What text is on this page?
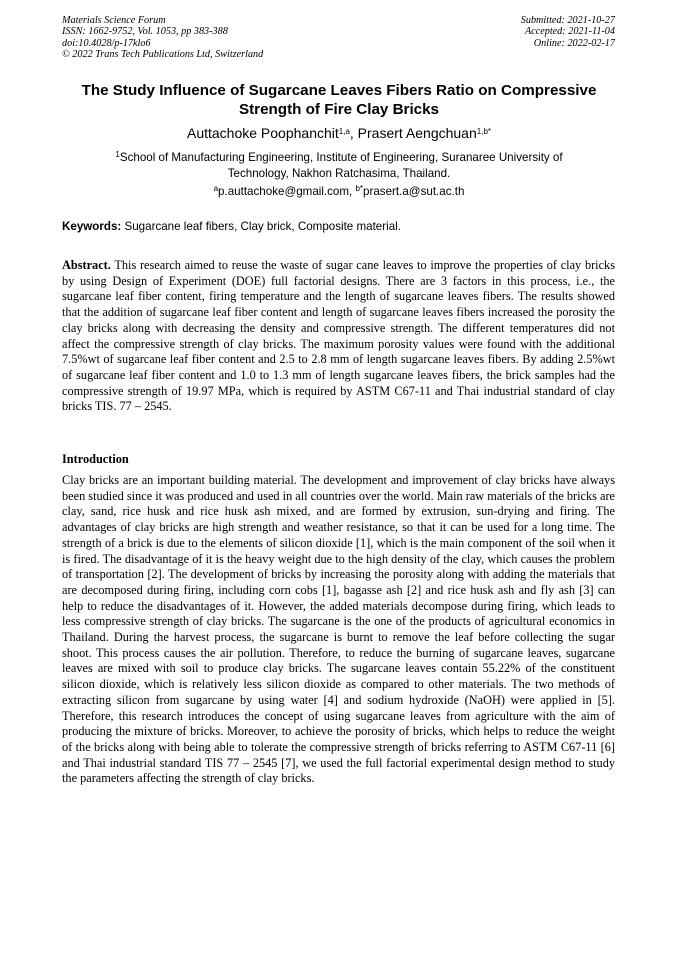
Materials Science Forum
ISSN: 1662-9752, Vol. 1053, pp 383-388
doi:10.4028/p-17klo6
© 2022 Trans Tech Publications Ltd, Switzerland
Submitted: 2021-10-27
Accepted: 2021-11-04
Online: 2022-02-17
The Study Influence of Sugarcane Leaves Fibers Ratio on Compressive
Strength of Fire Clay Bricks
Auttachoke Poophanchit$^{1,a}$, Prasert Aengchuan$^{1,b*}$
$^1$School of Manufacturing Engineering, Institute of Engineering, Suranaree University of
Technology, Nakhon Ratchasima, Thailand.
$^a$p.auttachoke@gmail.com, $^{b*}$prasert.a@sut.ac.th
Keywords: Sugarcane leaf fibers, Clay brick, Composite material.
Abstract. This research aimed to reuse the waste of sugar cane leaves to improve the properties of clay bricks by using Design of Experiment (DOE) full factorial designs. There are 3 factors in this process, i.e., the sugarcane leaf fiber content, firing temperature and the length of sugarcane leaves fibers. The results showed that the addition of sugarcane leaf fiber content and length of sugarcane leaves fibers increased the porosity the clay bricks along with decreasing the density and compressive strength. The different temperatures did not affect the compressive strength of clay bricks. The maximum porosity values were found with the additional 7.5%wt of sugarcane leaf fiber content and 2.5 to 2.8 mm of length sugarcane leaves fibers. By adding 2.5%wt of sugarcane leaf fiber content and 1.0 to 1.3 mm of length sugarcane leaves fibers, the brick samples had the compressive strength of 19.97 MPa, which is required by ASTM C67-11 and Thai industrial standard of clay bricks TIS. 77 – 2545.
Introduction
Clay bricks are an important building material. The development and improvement of clay bricks have always been studied since it was produced and used in all countries over the world. Main raw materials of the bricks are clay, sand, rice husk and rice husk ash mixed, and are formed by extrusion, sun-drying and firing. The advantages of clay bricks are high strength and weather resistance, so that it can be used for a long time. The strength of a brick is due to the elements of silicon dioxide [1], which is the main component of the soil when it is fired. The disadvantage of it is the heavy weight due to the high density of the clay, which causes the problem of transportation [2]. The development of bricks by increasing the porosity along with adding the materials that are decomposed during firing, including corn cobs [1], bagasse ash [2] and rice husk ash and fly ash [3] can help to reduce the disadvantages of it. However, the added materials decompose during firing, which leads to less compressive strength of clay bricks. The sugarcane is the one of the products of agricultural economics in Thailand. During the harvest process, the sugarcane is burnt to remove the leaf before collecting the sugar shoot. This process causes the air pollution. Therefore, to reduce the burning of sugarcane leaves, sugarcane leaves are mixed with soil to produce clay bricks. The sugarcane leaves contain 55.22% of the constituent silicon dioxide, which is relatively less silicon dioxide as compared to other materials. The two methods of extracting silicon from sugarcane by using water [4] and sodium hydroxide (NaOH) were applied in [5]. Therefore, this research introduces the concept of using sugarcane leaves from agriculture with the aim of producing the mixture of bricks. Moreover, to achieve the porosity of bricks, which helps to reduce the weight of the bricks along with being able to tolerate the compressive strength of bricks referring to ASTM C67-11 [6] and Thai industrial standard TIS 77 – 2545 [7], we used the full factorial experimental design method to study the parameters affecting the strength of clay bricks.
